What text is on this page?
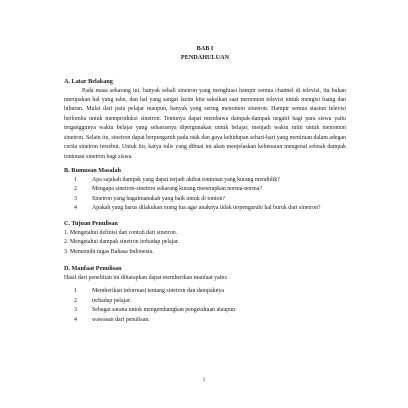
BAB I
PENDAHULUAN
A. Latar Belakang

Pada masa sekarang ini, banyak sekali sinetron yang menghiasi hampir semua channel di televisi, itu bukan merupakan hal yang tabu, dan hal yang sangat lazim kita saksikan saat menonton televisi untuk mengisi luang dan hiburan. Mulai dari para pelajar maupun, banyak yang sering menonton sinetron. Hampir semua stasiun televisi berlomba untuk memproduksi sinetron. Tentunya dapat membawa dampak-dampak negatif bagi para siswa yaitu terganggunya waktu belajar yang seharusnya dipergunakan untuk belajar, menjadi waktu rutin untuk menonton sinetron. Selain itu, sinetron dapat berpengaruh pada otak dan gaya kehidupan sehari-hari yang meniruan dalam adegan cerita sinetron tersebut. Untuk itu, karya tulis yang dibuat ini akan menjelaskan kebenaran mengenai sebuah dampak tontonan sinetron bagi siswa.

B. Rumusan Masalah
1	Apa sajakah dampak yang dapat terjadi akibat tontonan yang kurang mendidik?
2	Mengapa sinetron-sinetron sekarang kurang menerapkan norma-norma?
3	Sinetron yang bagaimanakah yang baik untuk di tonton?
4	Apakah yang harus dilakukan orang tua agar anaknya tidak terpengaruhi hal buruk dari sinetron?
C. Tujuan Penulisan
1. Mengetahui definisi dan contoh dari sinetron.
2. Mengetahui dampak sinetron terhadap pelajar.
3. Memenuhi tugas Bahasa Indonesia.
D. Manfaat Penulisan

Hasil dari penelitian ini diharapkan dapat memberikan manfaat yaitu:

1	Memberikan informasi tentang sinetron dan dampaknya
2	terhadap pelajar.
3	Sebagai sarana untuk mengembangkan pengetahuan ataupun
4	wawasan dari penulisan.
1
